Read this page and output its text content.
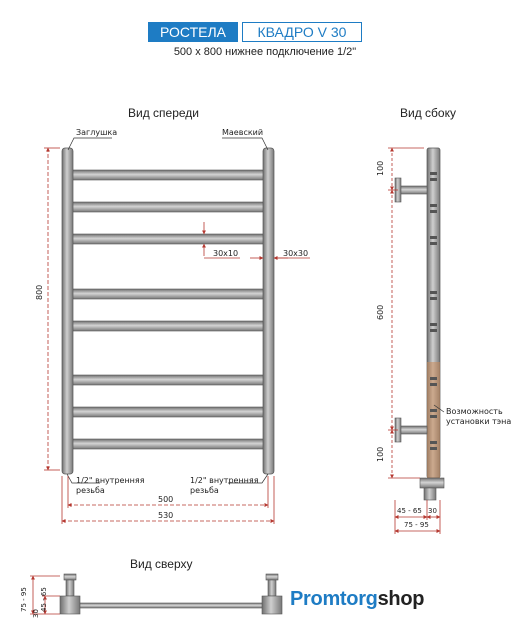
РОСТЕЛА	КВАДРО V 30
500 x 800 нижнее подключение 1/2"
Вид спереди	Вид сбоку
Вид сверху
Заглушка	Маевский
800
30x10	30x30
1/2" внутренняя
резьба
1/2" внутренняя
резьба
500
530
100
600
100
Возможность
установки тэна
45 - 65 30
75 - 95
75 - 95
30
45 - 65	Promtorgshop
